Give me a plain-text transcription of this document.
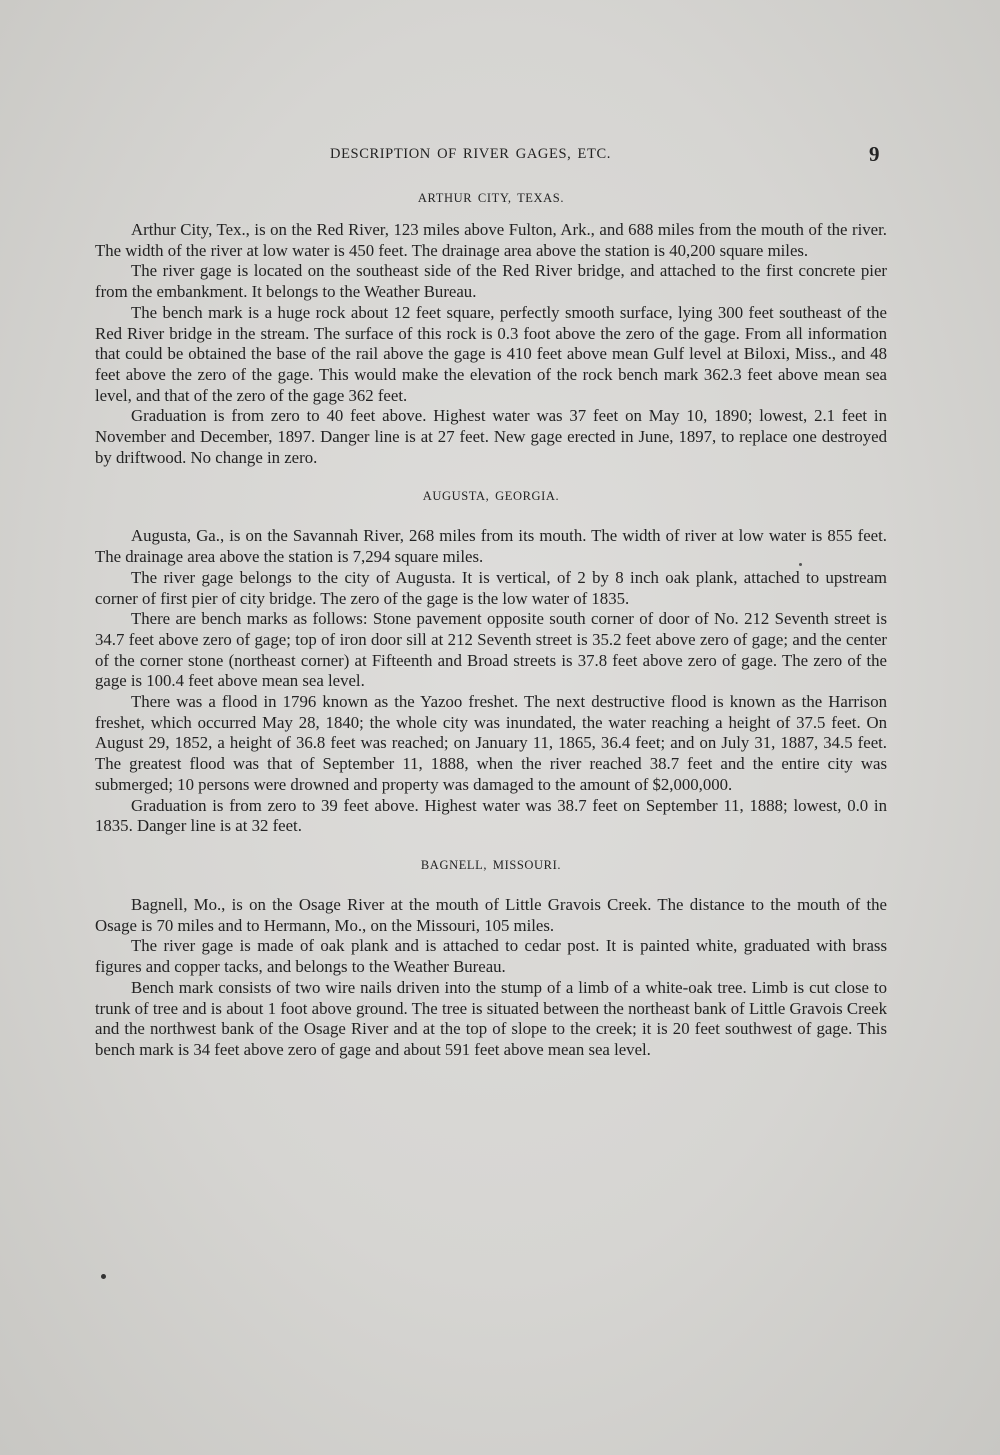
DESCRIPTION OF RIVER GAGES, ETC.	9
ARTHUR CITY, TEXAS.

Arthur City, Tex., is on the Red River, 123 miles above Fulton, Ark., and 688 miles from the mouth of the river. The width of the river at low water is 450 feet. The drainage area above the station is 40,200 square miles.

The river gage is located on the southeast side of the Red River bridge, and attached to the first concrete pier from the embankment. It belongs to the Weather Bureau.

The bench mark is a huge rock about 12 feet square, perfectly smooth surface, lying 300 feet southeast of the Red River bridge in the stream. The surface of this rock is 0.3 foot above the zero of the gage. From all information that could be obtained the base of the rail above the gage is 410 feet above mean Gulf level at Biloxi, Miss., and 48 feet above the zero of the gage. This would make the elevation of the rock bench mark 362.3 feet above mean sea level, and that of the zero of the gage 362 feet.

Graduation is from zero to 40 feet above. Highest water was 37 feet on May 10, 1890; lowest, 2.1 feet in November and December, 1897. Danger line is at 27 feet. New gage erected in June, 1897, to replace one destroyed by driftwood. No change in zero.

AUGUSTA, GEORGIA.

Augusta, Ga., is on the Savannah River, 268 miles from its mouth. The width of river at low water is 855 feet. The drainage area above the station is 7,294 square miles.

The river gage belongs to the city of Augusta. It is vertical, of 2 by 8 inch oak plank, attached to upstream corner of first pier of city bridge. The zero of the gage is the low water of 1835.

There are bench marks as follows: Stone pavement opposite south corner of door of No. 212 Seventh street is 34.7 feet above zero of gage; top of iron door sill at 212 Seventh street is 35.2 feet above zero of gage; and the center of the corner stone (northeast corner) at Fifteenth and Broad streets is 37.8 feet above zero of gage. The zero of the gage is 100.4 feet above mean sea level.

There was a flood in 1796 known as the Yazoo freshet. The next destructive flood is known as the Harrison freshet, which occurred May 28, 1840; the whole city was inundated, the water reaching a height of 37.5 feet. On August 29, 1852, a height of 36.8 feet was reached; on January 11, 1865, 36.4 feet; and on July 31, 1887, 34.5 feet. The greatest flood was that of September 11, 1888, when the river reached 38.7 feet and the entire city was submerged; 10 persons were drowned and property was damaged to the amount of $2,000,000.

Graduation is from zero to 39 feet above. Highest water was 38.7 feet on September 11, 1888; lowest, 0.0 in 1835. Danger line is at 32 feet.

BAGNELL, MISSOURI.

Bagnell, Mo., is on the Osage River at the mouth of Little Gravois Creek. The distance to the mouth of the Osage is 70 miles and to Hermann, Mo., on the Missouri, 105 miles.

The river gage is made of oak plank and is attached to cedar post. It is painted white, graduated with brass figures and copper tacks, and belongs to the Weather Bureau.

Bench mark consists of two wire nails driven into the stump of a limb of a white-oak tree. Limb is cut close to trunk of tree and is about 1 foot above ground. The tree is situated between the northeast bank of Little Gravois Creek and the northwest bank of the Osage River and at the top of slope to the creek; it is 20 feet southwest of gage. This bench mark is 34 feet above zero of gage and about 591 feet above mean sea level.
